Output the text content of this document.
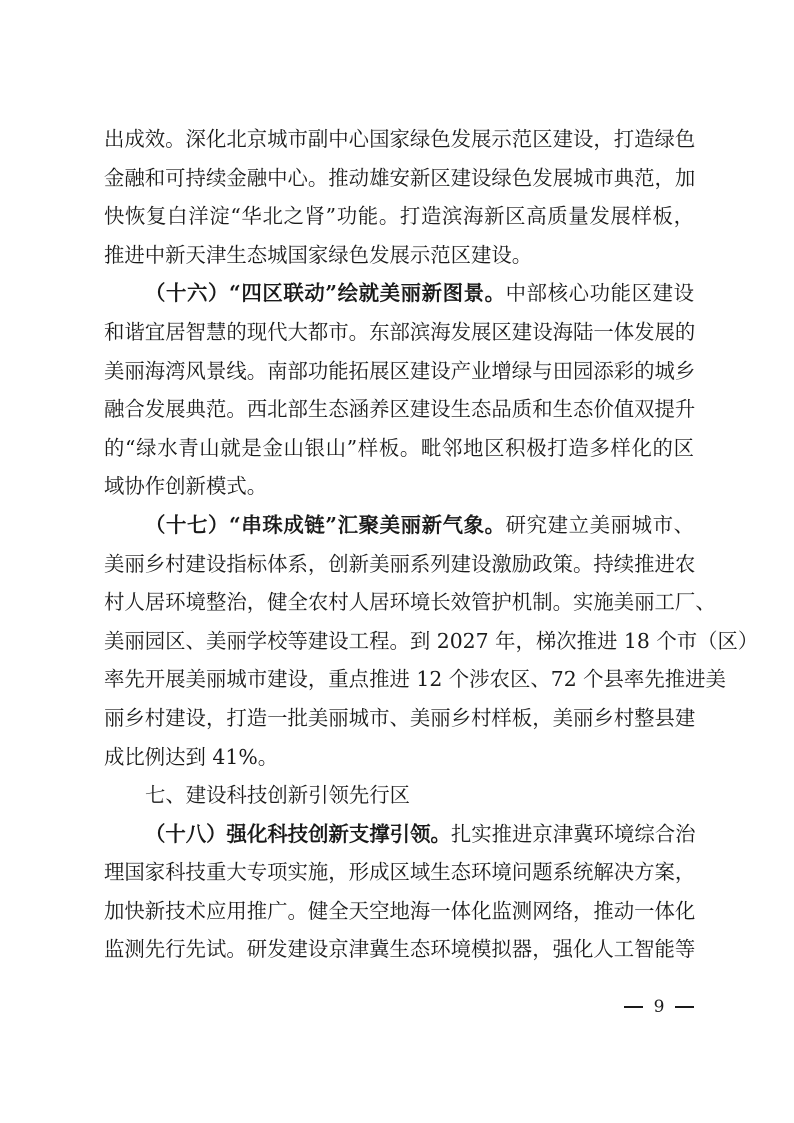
出成效。深化北京城市副中心国家绿色发展示范区建设，打造绿色
金融和可持续金融中心。推动雄安新区建设绿色发展城市典范，加
快恢复白洋淀“华北之肾”功能。打造滨海新区高质量发展样板，
推进中新天津生态城国家绿色发展示范区建设。
（十六）“四区联动”绘就美丽新图景。中部核心功能区建设
和谐宜居智慧的现代大都市。东部滨海发展区建设海陆一体发展的
美丽海湾风景线。南部功能拓展区建设产业增绿与田园添彩的城乡
融合发展典范。西北部生态涵养区建设生态品质和生态价值双提升
的“绿水青山就是金山银山”样板。毗邻地区积极打造多样化的区
域协作创新模式。
（十七）“串珠成链”汇聚美丽新气象。研究建立美丽城市、
美丽乡村建设指标体系，创新美丽系列建设激励政策。持续推进农
村人居环境整治，健全农村人居环境长效管护机制。实施美丽工厂、
美丽园区、美丽学校等建设工程。到 2027 年，梯次推进 18 个市（区）
率先开展美丽城市建设，重点推进 12 个涉农区、72 个县率先推进美
丽乡村建设，打造一批美丽城市、美丽乡村样板，美丽乡村整县建
成比例达到 41%。
七、建设科技创新引领先行区
（十八）强化科技创新支撑引领。扎实推进京津冀环境综合治
理国家科技重大专项实施，形成区域生态环境问题系统解决方案，
加快新技术应用推广。健全天空地海一体化监测网络，推动一体化
监测先行先试。研发建设京津冀生态环境模拟器，强化人工智能等
9
